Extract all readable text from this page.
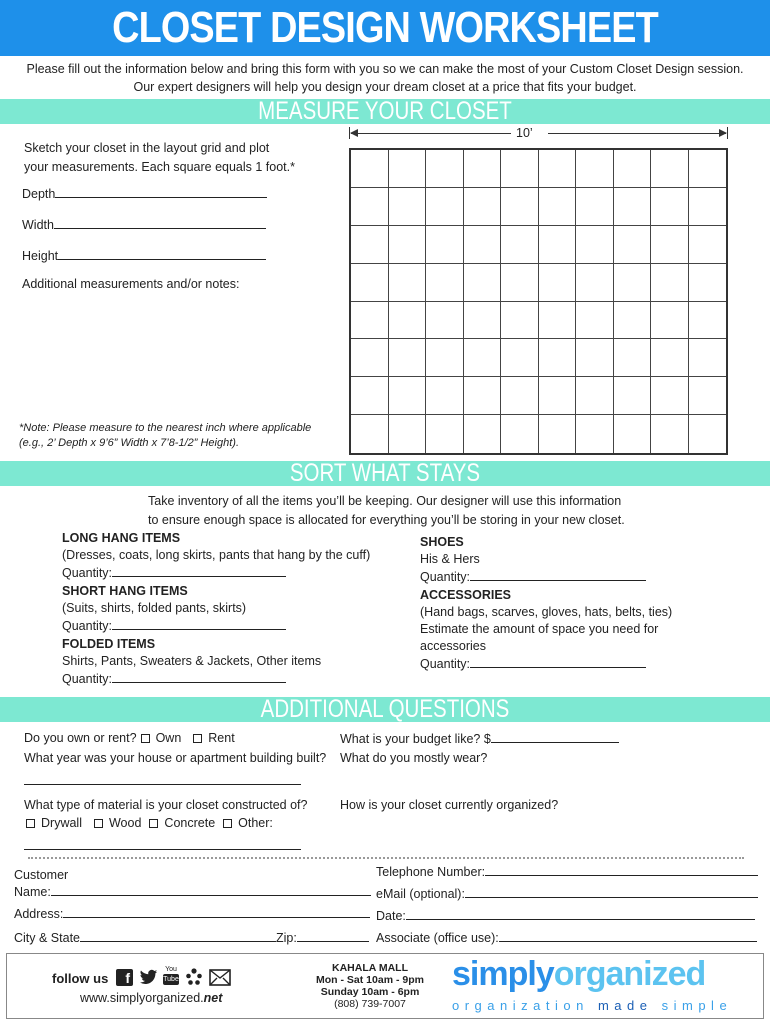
CLOSET DESIGN WORKSHEET
Please fill out the information below and bring this form with you so we can make the most of your Custom Closet Design session.
Our expert designers will help you design your dream closet at a price that fits your budget.
MEASURE YOUR CLOSET
Sketch your closet in the layout grid and plot
your measurements. Each square equals 1 foot.*
Depth
Width
Height
Additional measurements and/or notes:
*Note: Please measure to the nearest inch where applicable
(e.g., 2’ Depth x 9’6” Width x 7’8-1/2” Height).
10’
SORT WHAT STAYS
Take inventory of all the items you’ll be keeping. Our designer will use this information
to ensure enough space is allocated for everything you’ll be storing in your new closet.
LONG HANG ITEMS
(Dresses, coats, long skirts, pants that hang by the cuff)
Quantity:
SHORT HANG ITEMS
(Suits, shirts, folded pants, skirts)
Quantity:
FOLDED ITEMS
Shirts, Pants, Sweaters & Jackets, Other items
Quantity:
SHOES
His & Hers
Quantity:
ACCESSORIES
(Hand bags, scarves, gloves, hats, belts, ties)
Estimate the amount of space you need for
accessories
Quantity:
ADDITIONAL QUESTIONS
Do you own or rent? Own Rent
What year was your house or apartment building built?
What type of material is your closet constructed of?
Drywall Wood Concrete Other:
What is your budget like? $
What do you mostly wear?
How is your closet currently organized?
Customer
Name:
Address:
City & State	Zip:
Telephone Number:
eMail (optional):
Date:
Associate (office use):
follow us	f
You
Tube
www.simplyorganized.net
KAHALA MALL
Mon - Sat 10am - 9pm
Sunday 10am - 6pm
(808) 739-7007
simplyorganized
organization made simple
